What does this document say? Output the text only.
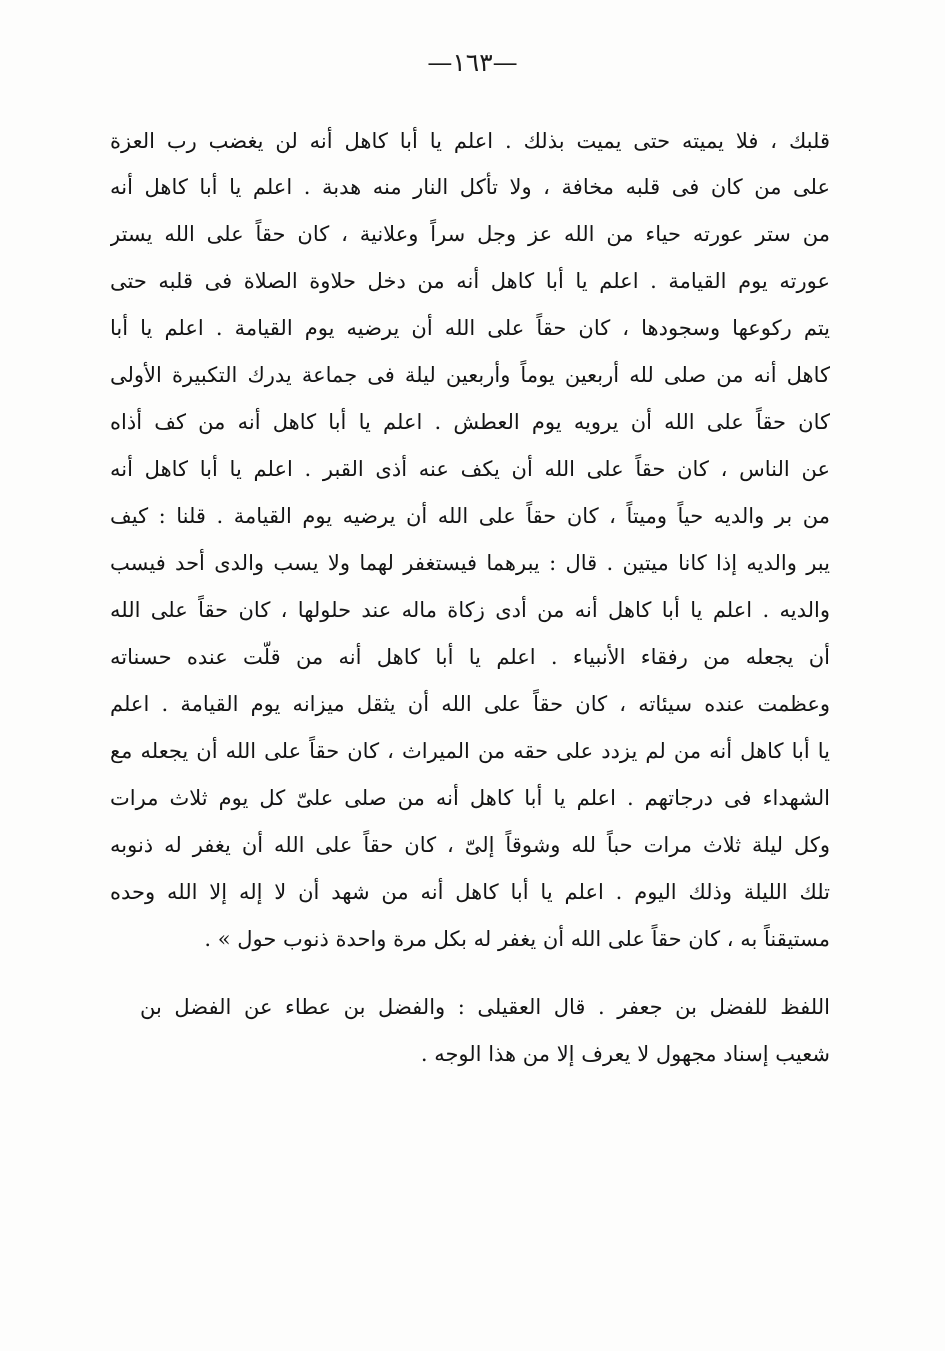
—١٦٣—
قلبك ، فلا يميته حتى يميت بذلك . اعلم يا أبا كاهل أنه لن يغضب رب العزة
على من كان فى قلبه مخافة ، ولا تأكل النار منه هدبة . اعلم يا أبا كاهل أنه
من ستر عورته حياء من الله عز وجل سراً وعلانية ، كان حقاً على الله يستر
عورته يوم القيامة . اعلم يا أبا كاهل أنه من دخل حلاوة الصلاة فى قلبه حتى
يتم ركوعها وسجودها ، كان حقاً على الله أن يرضيه يوم القيامة . اعلم يا أبا
كاهل أنه من صلى لله أربعين يوماً وأربعين ليلة فى جماعة يدرك التكبيرة الأولى
كان حقاً على الله أن يرويه يوم العطش . اعلم يا أبا كاهل أنه من كف أذاه
عن الناس ، كان حقاً على الله أن يكف عنه أذى القبر . اعلم يا أبا كاهل أنه
من بر والديه حياً وميتاً ، كان حقاً على الله أن يرضيه يوم القيامة . قلنا : كيف
يبر والديه إذا كانا ميتين . قال : يبرهما فيستغفر لهما ولا يسب والدى أحد فيسب
والديه . اعلم يا أبا كاهل أنه من أدى زكاة ماله عند حلولها ، كان حقاً على الله
أن يجعله من رفقاء الأنبياء . اعلم يا أبا كاهل أنه من قلّت عنده حسناته
وعظمت عنده سيئاته ، كان حقاً على الله أن يثقل ميزانه يوم القيامة . اعلم
يا أبا كاهل أنه من لم يزدد على حقه من الميراث ، كان حقاً على الله أن يجعله مع
الشهداء فى درجاتهم . اعلم يا أبا كاهل أنه من صلى علىّ كل يوم ثلاث مرات
وكل ليلة ثلاث مرات حباً لله وشوقاً إلىّ ، كان حقاً على الله أن يغفر له ذنوبه
تلك الليلة وذلك اليوم . اعلم يا أبا كاهل أنه من شهد أن لا إله إلا الله وحده
مستيقناً به ، كان حقاً على الله أن يغفر له بكل مرة واحدة ذنوب حول » .
اللفظ للفضل بن جعفر . قال العقيلى : والفضل بن عطاء عن الفضل بن
شعيب إسناد مجهول لا يعرف إلا من هذا الوجه .
